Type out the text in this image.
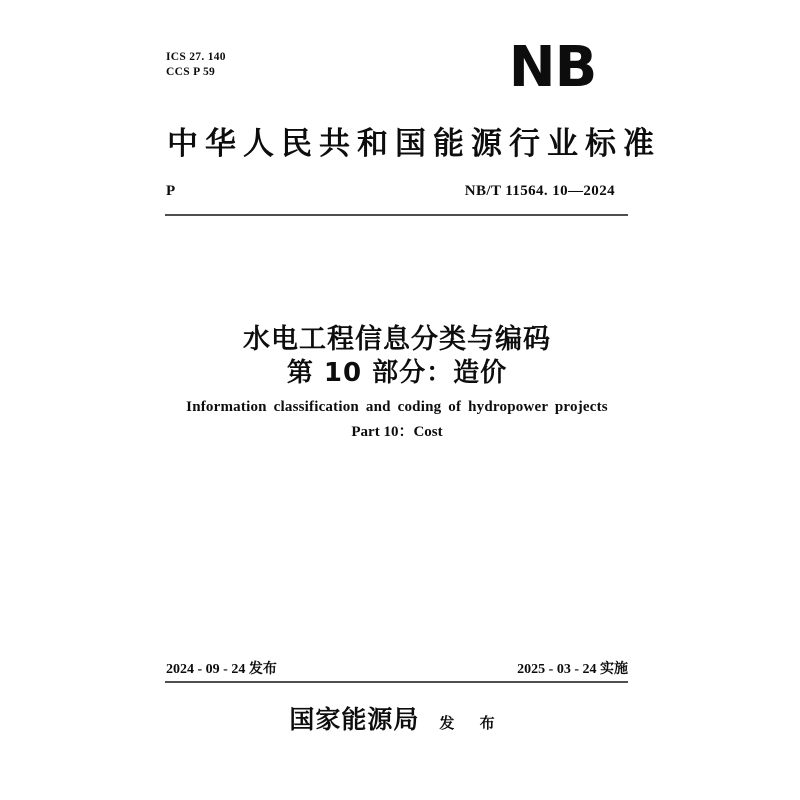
ICS 27. 140
CCS P 59	NB
中华人民共和国能源行业标准
P	NB/T 11564. 10—2024
水电工程信息分类与编码
第 10 部分：造价
Information classification and coding of hydropower projects
Part 10：Cost
2024 - 09 - 24 发布	2025 - 03 - 24 实施
国家能源局 发 布
